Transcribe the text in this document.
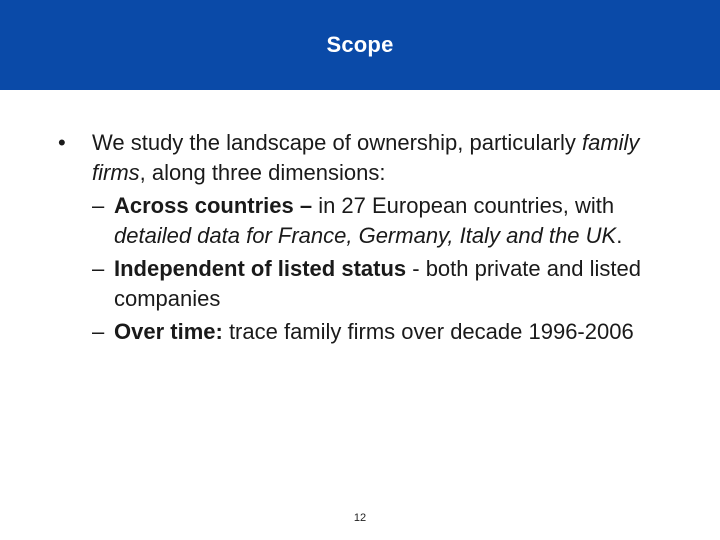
Scope
• We study the landscape of ownership, particularly family firms, along three dimensions:
– Across countries – in 27 European countries, with detailed data for France, Germany, Italy and the UK.
– Independent of listed status - both private and listed companies
– Over time: trace family firms over decade 1996-2006
12
